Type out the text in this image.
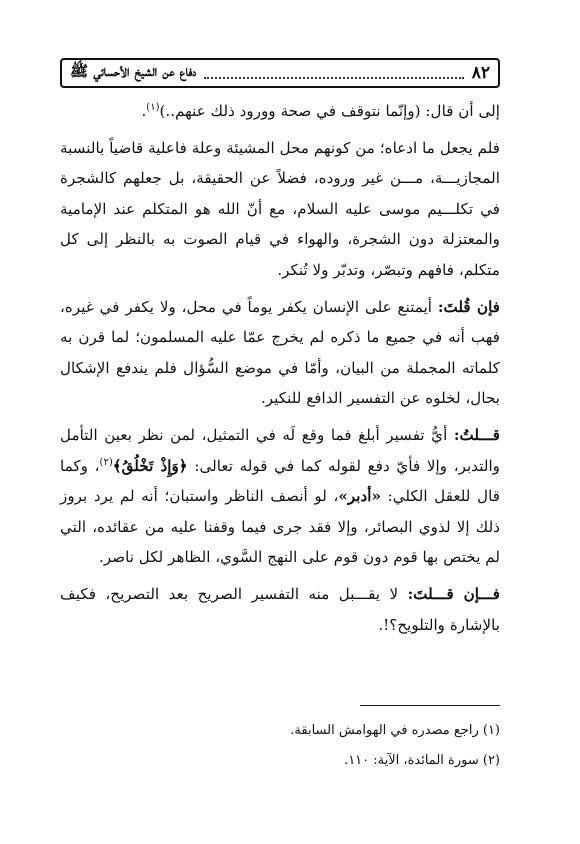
٨٢
دفاع عن الشيخ الأحسائي ﷺ

إلى أن قال: (وإنّما نتوقف في صحة وورود ذلك عنهم..)$^{(١)}$.

فلم يجعل ما ادعاه؛ من كونهم محل المشيئة وعلة فاعلية قاضياً بالنسبة المجازيـــة، مـــن غير وروده، فضلاً عن الحقيقة، بل جعلهم كالشجرة في تكلـــيم موسى عليه السلام، مع أنّ الله هو المتكلم عند الإمامية والمعتزلة دون الشجرة، والهواء في قيام الصوت به بالنظر إلى كل متكلم، فافهم وتبصّر، وتدبّر ولا تُنكر.

فإن قُلتَ: أيمتنع على الإنسان يكفر يوماً في محل، ولا يكفر في غيره، فهب أنه في جميع ما ذكره لم يخرج عمّا عليه المسلمون؛ لما قرن به كلماته المجملة من البيان، وأمّا في موضع السُّؤال فلم يندفع الإشكال بحال، لخلوه عن التفسير الدافع للنكير.

قـــلتُ: أيُّ تفسير أبلغ فما وقع لَه في التمثيل، لمن نظر بعين التأمل والتدبر، وإلا فأيّ دفع لقوله كما في قوله تعالى: ﴿وَإِذْ تَخْلُقُ﴾$^{(٢)}$، وكما قال للعقل الكلي: «أدبر»، لو أنصف الناظر واستبان؛ أنه لم يرد بروز ذلك إلا لذوي البصائر، وإلا فقد جرى فيما وقفنا عليه من عقائده، التي لم يختص بها قوم دون قوم على النهج السَّوي، الظاهر لكل ناصر.

فـــإن قـــلتَ: لا يقـــبل منه التفسير الصريح بعد التصريح، فكيف بالإشارة والتلويح؟!.

(١) راجع مصدره في الهوامش السابقة.
(٢) سورة المائدة، الآية: ١١٠.
